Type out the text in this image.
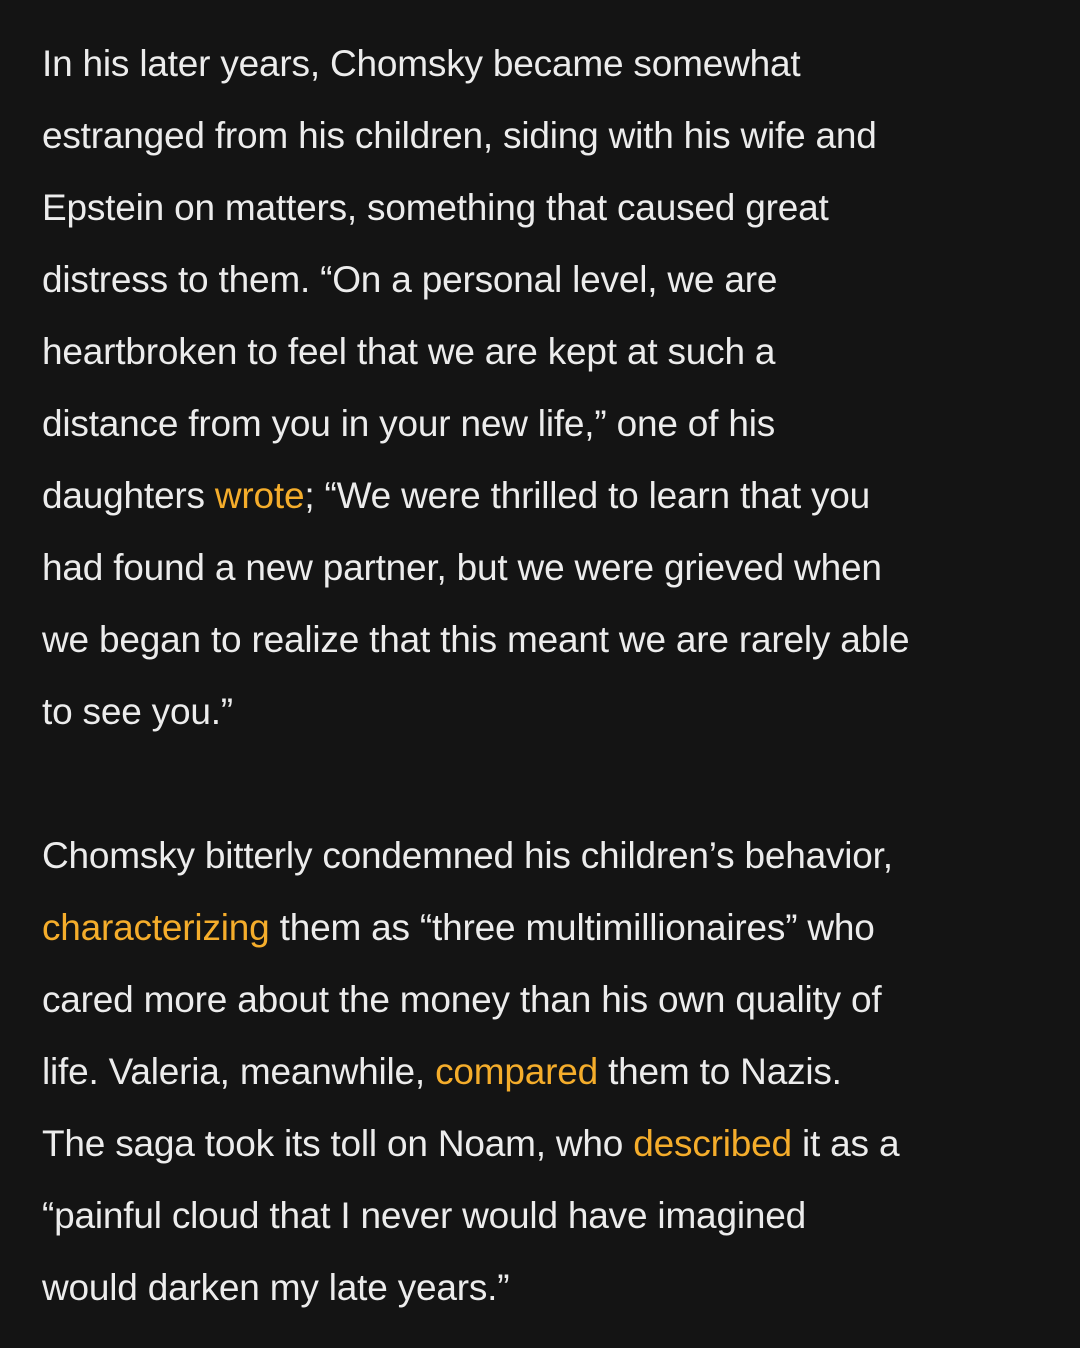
In his later years, Chomsky became somewhat
estranged from his children, siding with his wife and
Epstein on matters, something that caused great
distress to them. “On a personal level, we are
heartbroken to feel that we are kept at such a
distance from you in your new life,” one of his
daughters wrote; “We were thrilled to learn that you
had found a new partner, but we were grieved when
we began to realize that this meant we are rarely able
to see you.”

Chomsky bitterly condemned his children’s behavior,
characterizing them as “three multimillionaires” who
cared more about the money than his own quality of
life. Valeria, meanwhile, compared them to Nazis.
The saga took its toll on Noam, who described it as a
“painful cloud that I never would have imagined
would darken my late years.”
